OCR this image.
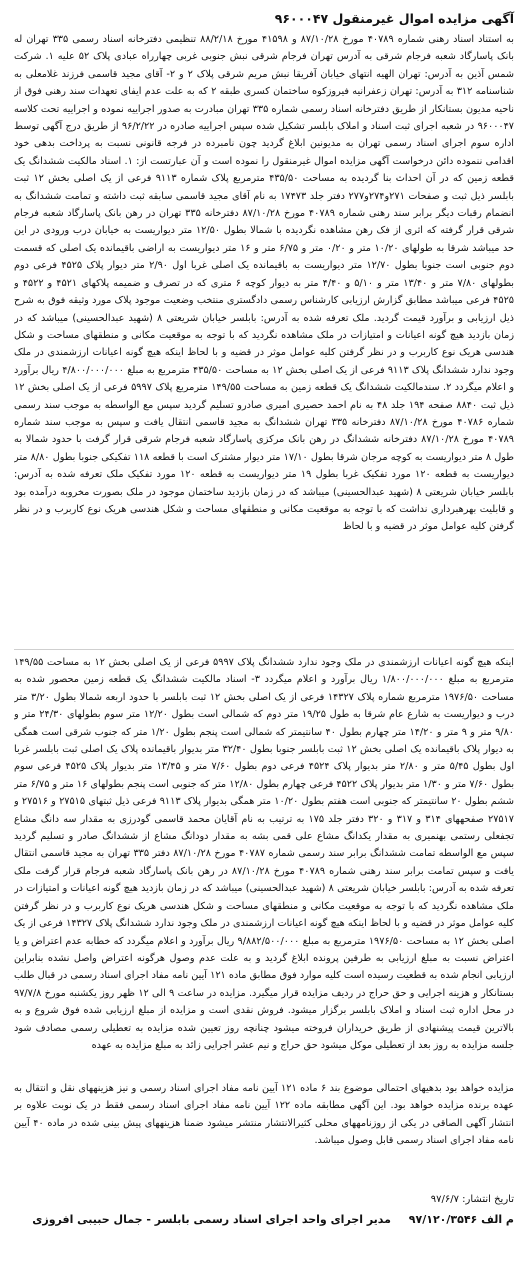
آگهی مزایده اموال غیرمنقول ۹۶۰۰۰۴۷

به استناد اسناد رهنی شماره ۴۰۷۸۹ مورخ ۸۷/۱۰/۲۸ و ۴۱۵۹۸ مورخ ۸۸/۲/۱۸ تنظیمی دفترخانه اسناد رسمی ۳۳۵ تهران له بانک پاسارگاد شعبه فرجام شرقی به آدرس تهران فرجام شرقی نبش جنوبی غربی چهارراه عبادی پلاک ۵۲ علیه ۱. شرکت شمس آذین به آدرس: تهران الهیه انتهای خیابان آفریقا نبش مریم شرقی پلاک ۲ و ۲- آقای مجید قاسمی فرزند غلامعلی به شناسنامه ۳۱۲ به آدرس: تهران زعفرانیه فیروزکوه ساختمان کسری طبقه ۲ که به علت عدم ایفای تعهدات سند رهنی فوق از ناحیه مدیون بستانکار از طریق دفترخانه اسناد رسمی شماره ۳۳۵ تهران مبادرت به صدور اجراییه نموده و اجراییه تحت کلاسه ۹۶۰۰۰۴۷ در شعبه اجرای ثبت اسناد و املاک بابلسر تشکیل شده سپس اجراییه صادره در ۹۶/۲/۲۲ از طریق درج آگهی توسط اداره سوم اجرای اسناد رسمی تهران به مدیونین ابلاغ گردید چون نامبرده در فرجه قانونی نسبت به پرداخت بدهی خود اقدامی ننموده دائن درخواست آگهی مزایده اموال غیرمنقول را نموده است و آن عبارتست از: ۱. اسناد مالکیت ششدانگ یک قطعه زمین که در آن احداث بنا گردیده به مساحت ۴۳۵/۵۰ مترمربع پلاک شماره ۹۱۱۳ فرعی از یک اصلی بخش ۱۲ ثبت بابلسر ذیل ثبت و صفحات ۲۷۱و۲۷۴و۲۷۷ دفتر جلد ۱۷۴۷۳ به نام آقای مجید قاسمی سابقه ثبت داشته و تمامت ششدانگ به انضمام رقبات دیگر برابر سند رهنی شماره ۴۰۷۸۹ مورخ ۸۷/۱۰/۲۸ دفترخانه ۳۳۵ تهران در رهن بانک پاسارگاد شعبه فرجام شرقی قرار گرفته که اثری از فک رهن مشاهده نگردیده با شمالا بطول ۱۲/۵۰ متر دیواریست به خیابان درب ورودی در این حد میباشد شرقا به طولهای ۱۰/۲۰ متر و ۰/۲۰ متر و ۶/۷۵ متر و ۱۶ متر دیواریست به اراضی باقیمانده یک اصلی که قسمت دوم جنوبی است جنوبا بطول ۱۲/۷۰ متر دیواریست به باقیمانده یک اصلی غربا اول ۲/۹۰ متر دیوار پلاک ۴۵۲۵ فرعی دوم بطولهای ۷/۸۰ متر و ۱۳/۴۰ متر و ۵/۱۰ و ۴/۴۰ متر به دیوار کوچه ۶ متری که در تصرف و ضمیمه پلاکهای ۴۵۲۱ و ۴۵۲۲ و ۴۵۲۵ فرعی میباشد مطابق گزارش ارزیابی کارشناس رسمی دادگستری منتخب وضعیت موجود پلاک مورد وثیقه فوق به شرح ذیل ارزیابی و برآورد قیمت گردید. ملک تعرفه شده به آدرس: بابلسر خیابان شریعتی ۸ (شهید عبدالحسینی) میباشد که در زمان بازدید هیچ گونه اعیانات و امتیازات در ملک مشاهده نگردید که با توجه به موقعیت مکانی و منطقهای مساحت و شکل هندسی هریک نوع کاربرب و در نظر گرفتن کلیه عوامل موثر در قضیه و با لحاظ اینکه هیچ گونه اعیانات ارزشمندی در ملک وجود ندارد ششدانگ پلاک ۹۱۱۳ فرعی از یک اصلی بخش ۱۲ به مساحت ۴۳۵/۵۰ مترمربع به مبلغ ۴/۸۰۰/۰۰۰/۰۰۰ ریال برآورد و اعلام میگردد ۲. سندمالکیت ششدانگ یک قطعه زمین به مساحت ۱۴۹/۵۵ مترمربع پلاک ۵۹۹۷ فرعی از یک اصلی بخش ۱۲ ذیل ثبت ۸۸۴۰ صفحه ۱۹۴ جلد ۴۸ به نام احمد حصیری امیری صادرو تسلیم گردید سپس مع الواسطه به موجب سند رسمی شماره ۴۰۷۸۶ مورخ ۸۷/۱۰/۲۸ دفترخانه ۳۳۵ تهران ششدانگ به مجید قاسمی انتقال یافت و سپس به موجب سند شماره ۴۰۷۸۹ مورخ ۸۷/۱۰/۲۸ دفترخانه ششدانگ در رهن بانک مرکزی پاسارگاد شعبه فرجام شرقی قرار گرفت با حدود شمالا به طول ۸ متر دیواریست به کوچه مرجان شرقا بطول ۱۷/۱۰ متر دیوار مشترک است با قطعه ۱۱۸ تفکیکی جنوبا بطول ۸/۸۰ متر دیواریست به قطعه ۱۲۰ مورد تفکیک غربا بطول ۱۹ متر دیواریست به قطعه ۱۲۰ مورد تفکیک ملک تعرفه شده به آدرس: بابلسر خیابان شریعتی ۸ (شهید عبدالحسینی) میباشد که در زمان بازدید ساختمان موجود در ملک بصورت مخروبه درآمده بود و قابلیت بهرهبرداری نداشت که با توجه به موقعیت مکانی و منطقهای مساحت و شکل هندسی هریک نوع کاربرب و در نظر گرفتن کلیه عوامل موثر در قضیه و با لحاظ

اینکه هیچ گونه اعیانات ارزشمندی در ملک وجود ندارد ششدانگ پلاک ۵۹۹۷ فرعی از یک اصلی بخش ۱۲ به مساحت ۱۴۹/۵۵ مترمربع به مبلغ ۱/۸۰۰/۰۰۰/۰۰۰ ریال برآورد و اعلام میگردد ۳- اسناد مالکیت ششدانگ یک قطعه زمین محصور شده به مساحت ۱۹۷۶/۵۰ مترمربع شماره پلاک ۱۴۳۲۷ فرعی از یک اصلی بخش ۱۲ ثبت بابلسر با حدود اربعه شمالا بطول ۳/۲۰ متر درب و دیواریست به شارع عام شرقا به طول ۱۹/۲۵ متر دوم که شمالی است بطول ۱۲/۲۰ متر سوم بطولهای ۲۴/۳۰ متر و ۹/۸۰ متر و ۹ متر و ۱۴/۲۰ متر چهارم بطول ۴۰ سانتیمتر که شمالی است پنجم بطول ۱/۲۰ متر که جنوب شرقی است همگی به دیوار پلاک باقیمانده یک اصلی بخش ۱۲ ثبت بابلسر جنوبا بطول ۳۲/۴۰ متر بدیوار باقیمانده پلاک یک اصلی ثبت بابلسر غربا اول بطول ۵/۴۵ متر و ۲/۸۰ متر بدیوار پلاک ۴۵۲۴ فرعی دوم بطول ۷/۶۰ متر و ۱۳/۴۵ متر بدیوار پلاک ۴۵۲۵ فرعی سوم بطول ۷/۶۰ متر و ۱/۳۰ متر بدیوار پلاک ۴۵۲۲ فرعی چهارم بطول ۱۲/۸۰ متر که جنوبی است پنجم بطولهای ۱۶ متر و ۶/۷۵ متر ششم بطول ۲۰ سانتیمتر که جنوبی است هفتم بطول ۱۰/۲۰ متر همگی بدیوار پلاک ۹۱۱۳ فرعی ذیل ثبتهای ۲۷۵۱۵ و ۲۷۵۱۶ و ۲۷۵۱۷ صفحههای ۳۱۴ و ۳۱۷ و ۳۲۰ دفتر جلد ۱۷۵ به ترتیب به نام آقایان محمد قاسمی گودرزی به مقدار سه دانگ مشاع تجفعلی رستمی بهنمیری به مقدار یکدانگ مشاع علی قمی بشه به مقدار دودانگ مشاع از ششدانگ صادر و تسلیم گردید سپس مع الواسطه تمامت ششدانگ برابر سند رسمی شماره ۴۰۷۸۷ مورخ ۸۷/۱۰/۲۸ دفتر ۳۳۵ تهران به مجید قاسمی انتقال یافت و سپس تمامت برابر سند رهنی شماره ۴۰۷۸۹ مورخ ۸۷/۱۰/۲۸ در رهن بانک پاسارگاد شعبه فرجام قرار گرفت ملک تعرفه شده به آدرس: بابلسر خیابان شریعتی ۸ (شهید عبدالحسینی) میباشد که در زمان بازدید هیچ گونه اعیانات و امتیازات در ملک مشاهده نگردید که با توجه به موقعیت مکانی و منطقهای مساحت و شکل هندسی هریک نوع کاربرب و در نظر گرفتن کلیه عوامل موثر در قضیه و با لحاظ اینکه هیچ گونه اعیانات ارزشمندی در ملک وجود ندارد ششدانگ پلاک ۱۴۳۲۷ فرعی از یک اصلی بخش ۱۲ به مساحت ۱۹۷۶/۵۰ مترمربع به مبلغ ۹/۸۸۲/۵۰۰/۰۰۰ ریال برآورد و اعلام میگردد که خطابه عدم اعتراض و یا اعتراض نسبت به مبلغ ارزیابی به طرفین پرونده ابلاغ گردید و به علت عدم وصول هرگونه اعتراض واصل نشده بنابراین ارزیابی انجام شده به قطعیت رسیده است کلیه موارد فوق مطابق ماده ۱۲۱ آیین نامه مفاد اجرای اسناد رسمی در قبال طلب بستانکار و هزینه اجرایی و حق حراج در ردیف مزایده قرار میگیرد. مزایده در ساعت ۹ الی ۱۲ ظهر روز یکشنبه مورخ ۹۷/۷/۸ در محل اداره ثبت اسناد و املاک بابلسر برگزار میشود. فروش نقدی است و مزایده از مبلغ ارزیابی شده فوق شروع و به بالاترین قیمت پیشنهادی از طریق خریداران فروخته میشود چنانچه روز تعیین شده مزایده به تعطیلی رسمی مصادف شود جلسه مزایده به روز بعد از تعطیلی موکل میشود حق حراج و نیم عشر اجرایی زائد به مبلغ مزایده به عهده

مزایده خواهد بود بدهیهای احتمالی موضوع بند ۶ ماده ۱۲۱ آیین نامه مفاد اجرای اسناد رسمی و نیز هزینههای نقل و انتقال به عهده برنده مزایده خواهد بود. این آگهی مطابقه ماده ۱۲۲ آیین نامه مفاد اجرای اسناد رسمی فقط در یک نوبت علاوه بر انتشار آگهی الصاقی در یکی از روزنامههای محلی کثیرالانتشار منتشر میشود ضمنا هزینههای پیش بینی شده در ماده ۴۰ آیین نامه مفاد اجرای اسناد رسمی قابل وصول میباشد.

تاریخ انتشار: ۹۷/۶/۷
م الف ۹۷/۱۲۰/۳۵۴۶ مدیر اجرای واحد اجرای اسناد رسمی بابلسر - جمال حبیبی افروزی
